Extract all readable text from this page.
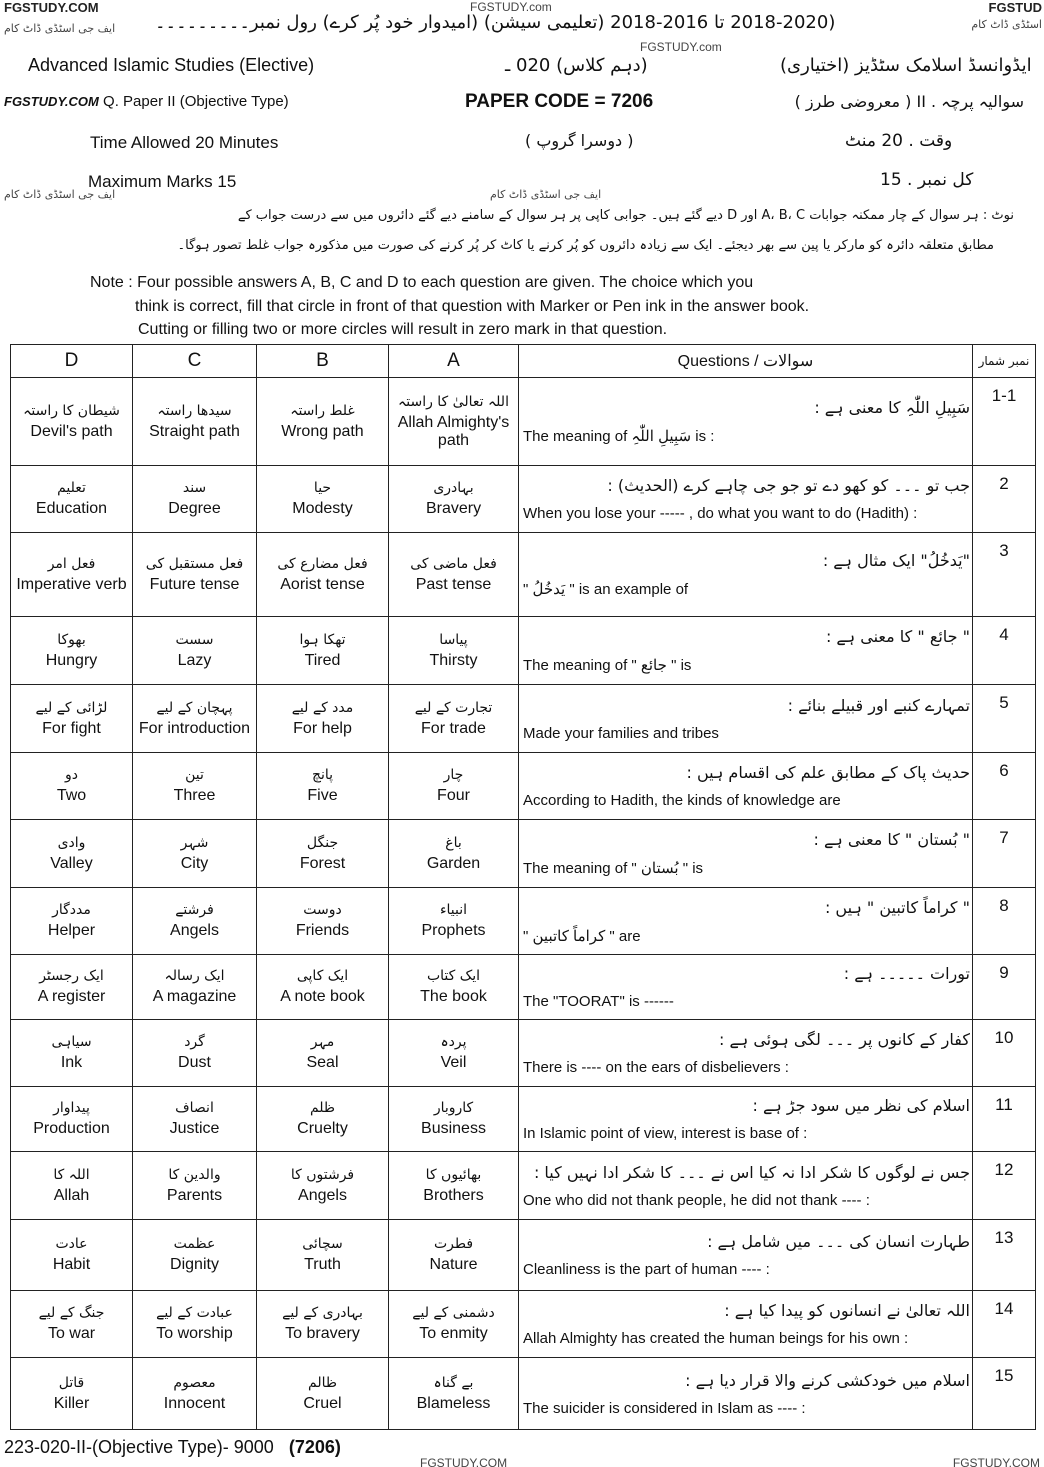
FGSTUDY.COM	FGSTUDY.com	FGSTUD
ایف جی اسٹڈی ڈاٹ کام	اسٹڈی ڈاٹ کام
(2018-2020 تا 2016-2018 (تعلیمی سیشن) (امیدوار خود پُر کرے) رول نمبر۔۔۔۔۔۔۔۔۔
FGSTUDY.com
Advanced Islamic Studies (Elective)	(دہم کلاس) 020 ـ	ایڈوانسڈ اسلامک سٹڈیز (اختیاری)
FGSTUDY.COM Q. Paper II (Objective Type)	PAPER CODE = 7206	سوالیہ پرچہ . II ( معروضی طرز )
Time Allowed 20 Minutes	( دوسرا گروپ )	وقت . 20 منٹ
Maximum Marks 15	کل نمبر . 15
ایف جی اسٹڈی ڈاٹ کام	ایف جی اسٹڈی ڈاٹ کام
نوٹ : ہر سوال کے چار ممکنہ جوابات A، B، C اور D دیے گئے ہیں۔ جوابی کاپی پر ہر سوال کے سامنے دیے گئے دائروں میں سے درست جواب کے
مطابق متعلقہ دائرہ کو مارکر یا پین سے بھر دیجئے۔ ایک سے زیادہ دائروں کو پُر کرنے یا کاٹ کر پُر کرنے کی صورت میں مذکورہ جواب غلط تصور ہوگا۔
Note : Four possible answers A, B, C and D to each question are given. The choice which you
think is correct, fill that circle in front of that question with Marker or Pen ink in the answer book.
Cutting or filling two or more circles will result in zero mark in that question.
D	C	B	A	Questions / سوالات	نمبر شمار

شیطان کا راستہ
Devil's path	سیدھا راستہ
Straight path	غلط راستہ
Wrong path	اللہ تعالیٰ کا راستہ
Allah Almighty's path	سَبِیلِ اللّٰہِ کا معنی ہے :
The meaning of سَبِیلِ اللّٰہِ is :	1-1

تعلیم
Education	سند
Degree	حیا
Modesty	بہادری
Bravery	جب تو ۔۔۔ کو کھو دے تو جو جی چاہے کرے (الحدیث) :
When you lose your ----- , do what you want to do (Hadith) :	2

فعل امر
Imperative verb	فعل مستقبل کی
Future tense	فعل مضارع کی
Aorist tense	فعل ماضی کی
Past tense	"یَدخُلُ" ایک مثال ہے :
" یَدخُلُ " is an example of	3

بھوکا
Hungry	سست
Lazy	تھکا ہوا
Tired	پیاسا
Thirsty	" جائع " کا معنی ہے :
The meaning of " جائع " is	4

لڑائی کے لیے
For fight	پہچان کے لیے
For introduction	مدد کے لیے
For help	تجارت کے لیے
For trade	تمہارے کنبے اور قبیلے بنائے :
Made your families and tribes	5

دو
Two	تین
Three	پانچ
Five	چار
Four	حدیث پاک کے مطابق علم کی اقسام ہیں :
According to Hadith, the kinds of knowledge are	6

وادی
Valley	شہر
City	جنگل
Forest	باغ
Garden	" بُستان " کا معنی ہے :
The meaning of " بُستان " is	7

مددگار
Helper	فرشتے
Angels	دوست
Friends	انبیاء
Prophets	" کراماً کاتبین " ہیں :
" کراماً کاتبین " are	8

ایک رجسٹر
A register	ایک رسالہ
A magazine	ایک کاپی
A note book	ایک کتاب
The book	تورات ۔۔۔۔۔ ہے :
The "TOORAT" is ------	9

سیاہی
Ink	گرد
Dust	مہر
Seal	پردہ
Veil	کفار کے کانوں پر ۔۔۔ لگی ہوئی ہے :
There is ---- on the ears of disbelievers :	10

پیداوار
Production	انصاف
Justice	ظلم
Cruelty	کاروبار
Business	اسلام کی نظر میں سود جڑ ہے :
In Islamic point of view, interest is base of :	11

اللہ کا
Allah	والدین کا
Parents	فرشتوں کا
Angels	بھائیوں کا
Brothers	جس نے لوگوں کا شکر ادا نہ کیا اس نے ۔۔۔ کا شکر ادا نہیں کیا :
One who did not thank people, he did not thank ---- :	12

عادت
Habit	عظمت
Dignity	سچائی
Truth	فطرت
Nature	طہارت انسان کی ۔۔۔ میں شامل ہے :
Cleanliness is the part of human ---- :	13

جنگ کے لیے
To war	عبادت کے لیے
To worship	بہادری کے لیے
To bravery	دشمنی کے لیے
To enmity	اللہ تعالیٰ نے انسانوں کو پیدا کیا ہے :
Allah Almighty has created the human beings for his own :	14

قاتل
Killer	معصوم
Innocent	ظالم
Cruel	بے گناہ
Blameless	اسلام میں خودکشی کرنے والا قرار دیا ہے :
The suicider is considered in Islam as ---- :	15
223-020-II-(Objective Type)- 9000 (7206)
FGSTUDY.COM	FGSTUDY.COM
